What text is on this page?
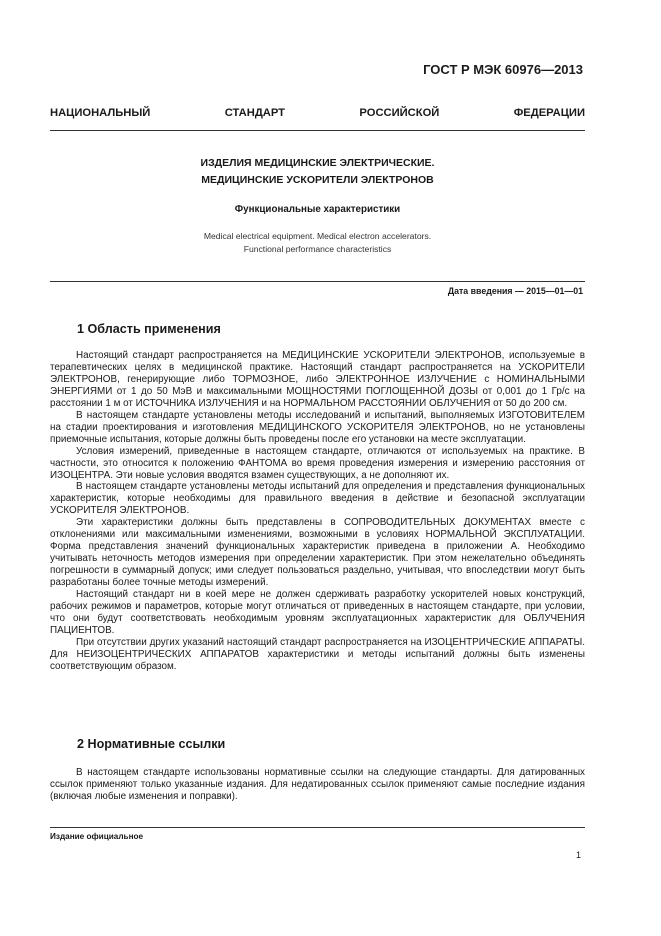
ГОСТ Р МЭК 60976—2013
НАЦИОНАЛЬНЫЙ	СТАНДАРТ	РОССИЙСКОЙ	ФЕДЕРАЦИИ
ИЗДЕЛИЯ МЕДИЦИНСКИЕ ЭЛЕКТРИЧЕСКИЕ.
МЕДИЦИНСКИЕ УСКОРИТЕЛИ ЭЛЕКТРОНОВ
Функциональные характеристики
Medical electrical equipment. Medical electron accelerators.
Functional performance characteristics
Дата введения — 2015—01—01
1 Область применения

Настоящий стандарт распространяется на МЕДИЦИНСКИЕ УСКОРИТЕЛИ ЭЛЕКТРОНОВ, используемые в терапевтических целях в медицинской практике. Настоящий стандарт распространяется на УСКОРИТЕЛИ ЭЛЕКТРОНОВ, генерирующие либо ТОРМОЗНОЕ, либо ЭЛЕКТРОННОЕ ИЗЛУЧЕНИЕ с НОМИНАЛЬНЫМИ ЭНЕРГИЯМИ от 1 до 50 МэВ и максимальными МОЩНОСТЯМИ ПОГЛОЩЕННОЙ ДОЗЫ от 0,001 до 1 Гр/с на расстоянии 1 м от ИСТОЧНИКА ИЗЛУЧЕНИЯ и на НОРМАЛЬНОМ РАССТОЯНИИ ОБЛУЧЕНИЯ от 50 до 200 см.

В настоящем стандарте установлены методы исследований и испытаний, выполняемых ИЗГОТОВИТЕЛЕМ на стадии проектирования и изготовления МЕДИЦИНСКОГО УСКОРИТЕЛЯ ЭЛЕКТРОНОВ, но не установлены приемочные испытания, которые должны быть проведены после его установки на месте эксплуатации.

Условия измерений, приведенные в настоящем стандарте, отличаются от используемых на практике. В частности, это относится к положению ФАНТОМА во время проведения измерения и измерению расстояния от ИЗОЦЕНТРА. Эти новые условия вводятся взамен существующих, а не дополняют их.

В настоящем стандарте установлены методы испытаний для определения и представления функциональных характеристик, которые необходимы для правильного введения в действие и безопасной эксплуатации УСКОРИТЕЛЯ ЭЛЕКТРОНОВ.

Эти характеристики должны быть представлены в СОПРОВОДИТЕЛЬНЫХ ДОКУМЕНТАХ вместе с отклонениями или максимальными изменениями, возможными в условиях НОРМАЛЬНОЙ ЭКСПЛУАТАЦИИ. Форма представления значений функциональных характеристик приведена в приложении А. Необходимо учитывать неточность методов измерения при определении характеристик. При этом нежелательно объединять погрешности в суммарный допуск; ими следует пользоваться раздельно, учитывая, что впоследствии могут быть разработаны более точные методы измерений.

Настоящий стандарт ни в коей мере не должен сдерживать разработку ускорителей новых конструкций, рабочих режимов и параметров, которые могут отличаться от приведенных в настоящем стандарте, при условии, что они будут соответствовать необходимым уровням эксплуатационных характеристик для ОБЛУЧЕНИЯ ПАЦИЕНТОВ.

При отсутствии других указаний настоящий стандарт распространяется на ИЗОЦЕНТРИЧЕСКИЕ АППАРАТЫ. Для НЕИЗОЦЕНТРИЧЕСКИХ АППАРАТОВ характеристики и методы испытаний должны быть изменены соответствующим образом.

2 Нормативные ссылки

В настоящем стандарте использованы нормативные ссылки на следующие стандарты. Для датированных ссылок применяют только указанные издания. Для недатированных ссылок применяют самые последние издания (включая любые изменения и поправки).

Издание официальное
1
